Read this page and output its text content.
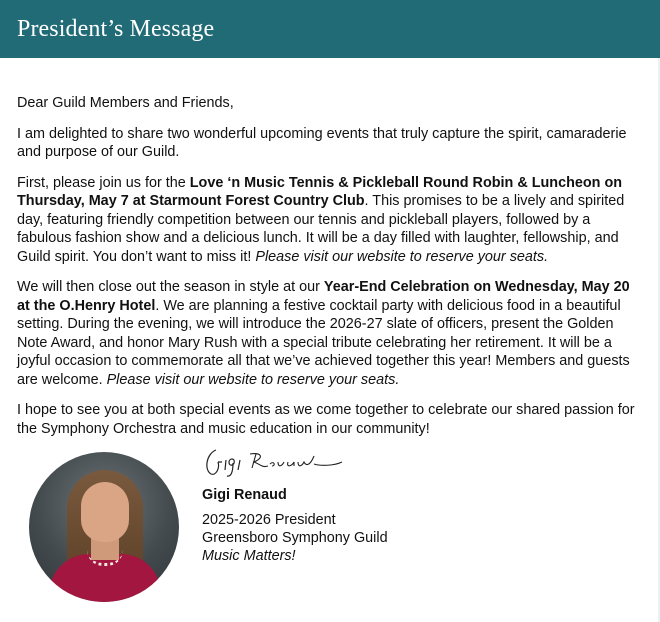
President’s Message

Dear Guild Members and Friends,

I am delighted to share two wonderful upcoming events that truly capture the spirit, camaraderie and purpose of our Guild.

First, please join us for the Love ‘n Music Tennis & Pickleball Round Robin & Luncheon on Thursday, May 7 at Starmount Forest Country Club. This promises to be a lively and spirited day, featuring friendly competition between our tennis and pickleball players, followed by a fabulous fashion show and a delicious lunch. It will be a day filled with laughter, fellowship, and Guild spirit. You don’t want to miss it! Please visit our website to reserve your seats.

We will then close out the season in style at our Year-End Celebration on Wednesday, May 20 at the O.Henry Hotel. We are planning a festive cocktail party with delicious food in a beautiful setting. During the evening, we will introduce the 2026-27 slate of officers, present the Golden Note Award, and honor Mary Rush with a special tribute celebrating her retirement. It will be a joyful occasion to commemorate all that we’ve achieved together this year! Members and guests are welcome. Please visit our website to reserve your seats.

I hope to see you at both special events as we come together to celebrate our shared passion for the Symphony Orchestra and music education in our community!

Gigi Renaud
2025-2026 President
Greensboro Symphony Guild
Music Matters!
